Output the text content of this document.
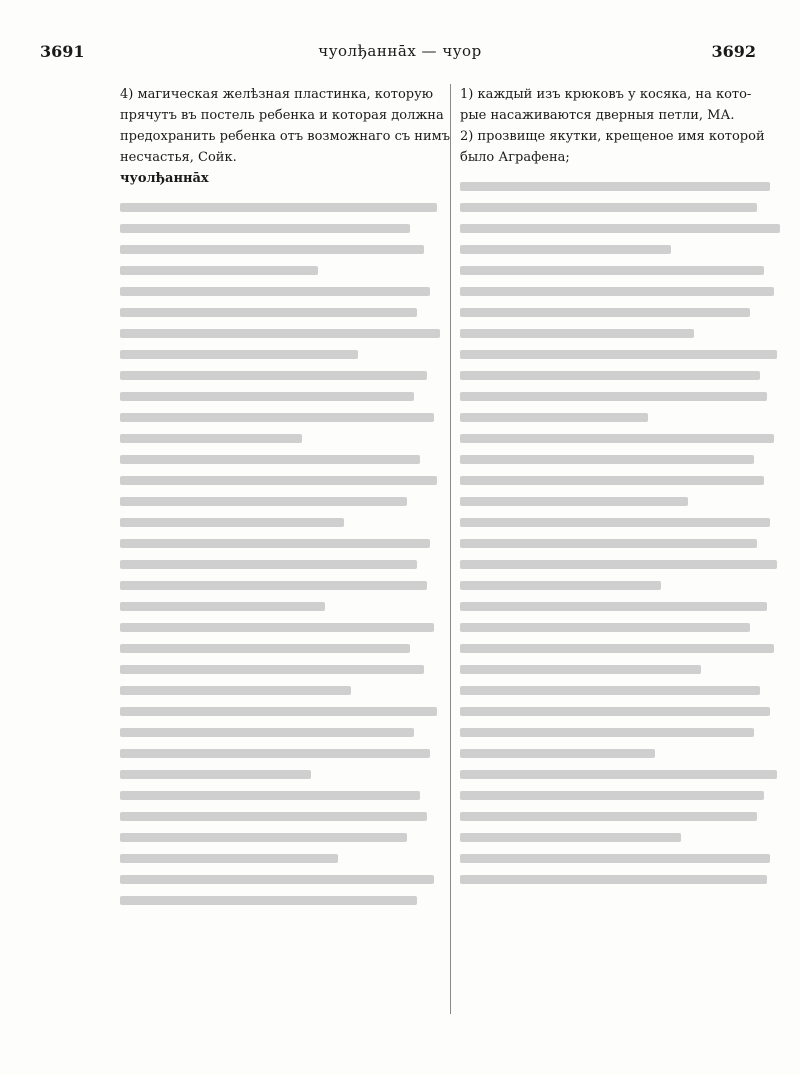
3691	чуолђаннāх — чуор	3692
4) магическая желѣзная пластинка, которую
прячутъ въ постель ребенка и которая должна
предохранить ребенка отъ возможнаго съ нимъ
несчастья, Сойк.
чуолђаннāх
1) каждый изъ крюковъ у косяка, на кото-
рые насаживаются дверныя петли, МА.
2) прозвище якутки, крещеное имя которой
было Аграфена;
